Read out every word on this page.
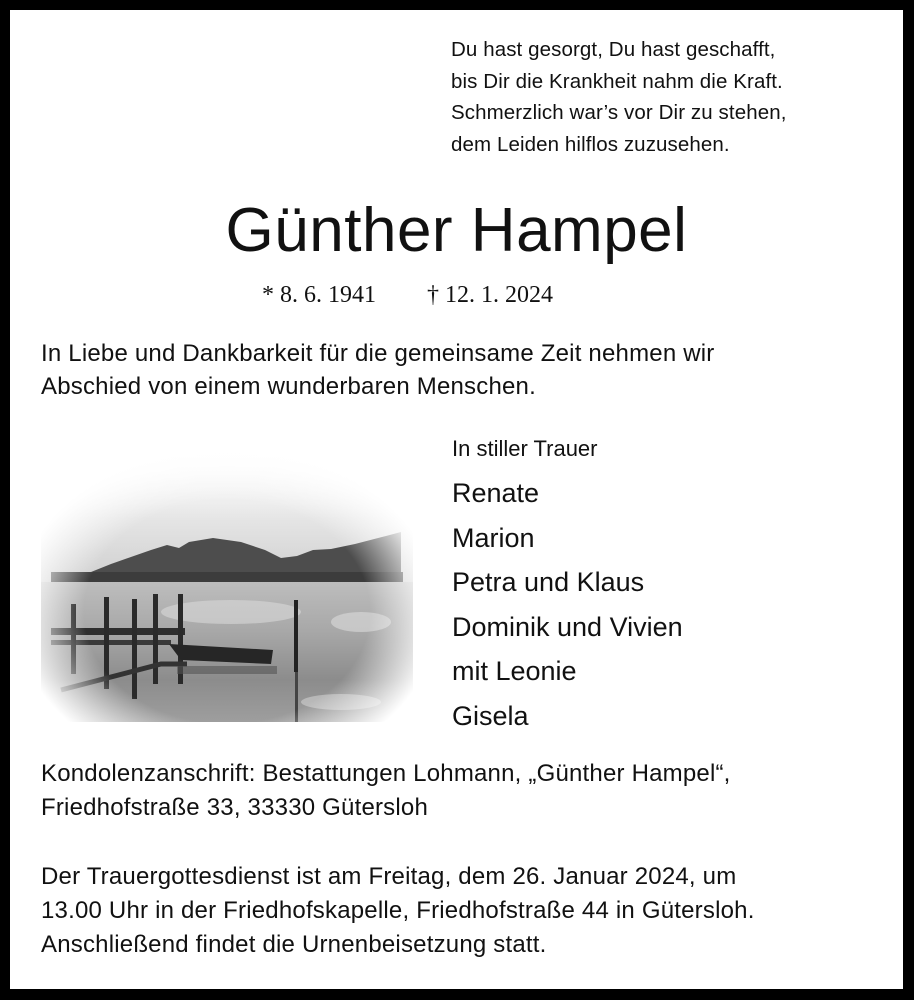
Du hast gesorgt, Du hast geschafft,
bis Dir die Krankheit nahm die Kraft.
Schmerzlich war’s vor Dir zu stehen,
dem Leiden hilflos zuzusehen.
Günther Hampel
* 8. 6. 1941 † 12. 1. 2024
In Liebe und Dankbarkeit für die gemeinsame Zeit nehmen wir
Abschied von einem wunderbaren Menschen.
In stiller Trauer
Renate
Marion
Petra und Klaus
Dominik und Vivien
mit Leonie
Gisela
Kondolenzanschrift: Bestattungen Lohmann, „Günther Hampel“,
Friedhofstraße 33, 33330 Gütersloh
Der Trauergottesdienst ist am Freitag, dem 26. Januar 2024, um
13.00 Uhr in der Friedhofskapelle, Friedhofstraße 44 in Gütersloh.
Anschließend findet die Urnenbeisetzung statt.
